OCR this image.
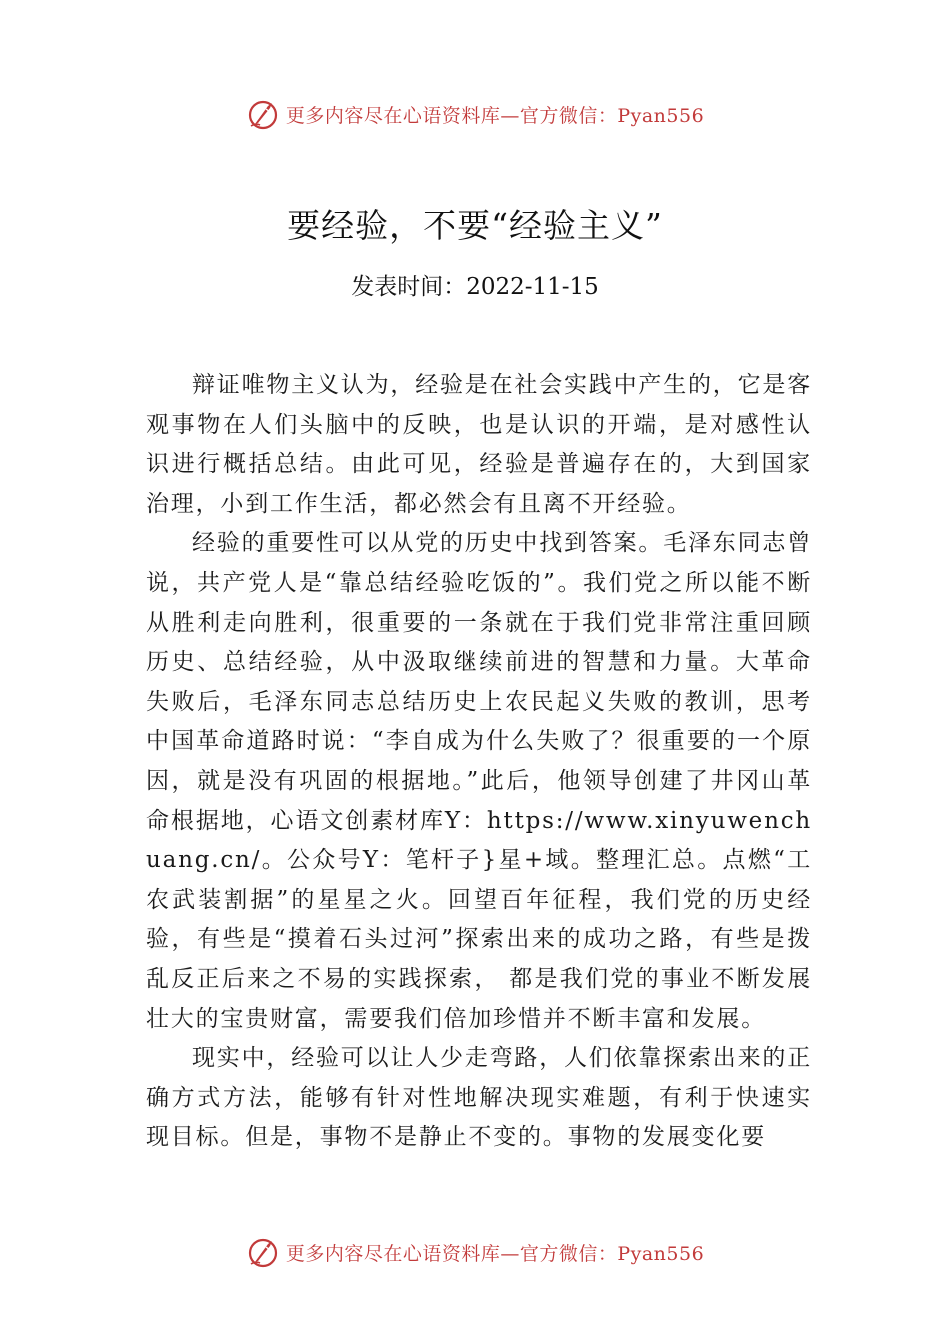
更多内容尽在心语资料库—官方微信：Pyan556
要经验，不要“经验主义”
发表时间：2022-11-15

辩证唯物主义认为，经验是在社会实践中产生的，它是客观事物在人们头脑中的反映，也是认识的开端，是对感性认识进行概括总结。由此可见，经验是普遍存在的，大到国家治理，小到工作生活，都必然会有且离不开经验。

经验的重要性可以从党的历史中找到答案。毛泽东同志曾说，共产党人是“靠总结经验吃饭的”。我们党之所以能不断从胜利走向胜利，很重要的一条就在于我们党非常注重回顾历史、总结经验，从中汲取继续前进的智慧和力量。大革命失败后，毛泽东同志总结历史上农民起义失败的教训，思考中国革命道路时说：“李自成为什么失败了？很重要的一个原因，就是没有巩固的根据地。”此后，他领导创建了井冈山革命根据地，心语文创素材库Y：https://www.xinyuwenchuang.cn/。公众号Y：笔杆子}星+域。整理汇总。点燃“工农武装割据”的星星之火。回望百年征程，我们党的历史经验，有些是“摸着石头过河”探索出来的成功之路，有些是拨乱反正后来之不易的实践探索， 都是我们党的事业不断发展壮大的宝贵财富，需要我们倍加珍惜并不断丰富和发展。

现实中，经验可以让人少走弯路，人们依靠探索出来的正确方式方法，能够有针对性地解决现实难题，有利于快速实现目标。但是，事物不是静止不变的。事物的发展变化要

更多内容尽在心语资料库—官方微信：Pyan556
